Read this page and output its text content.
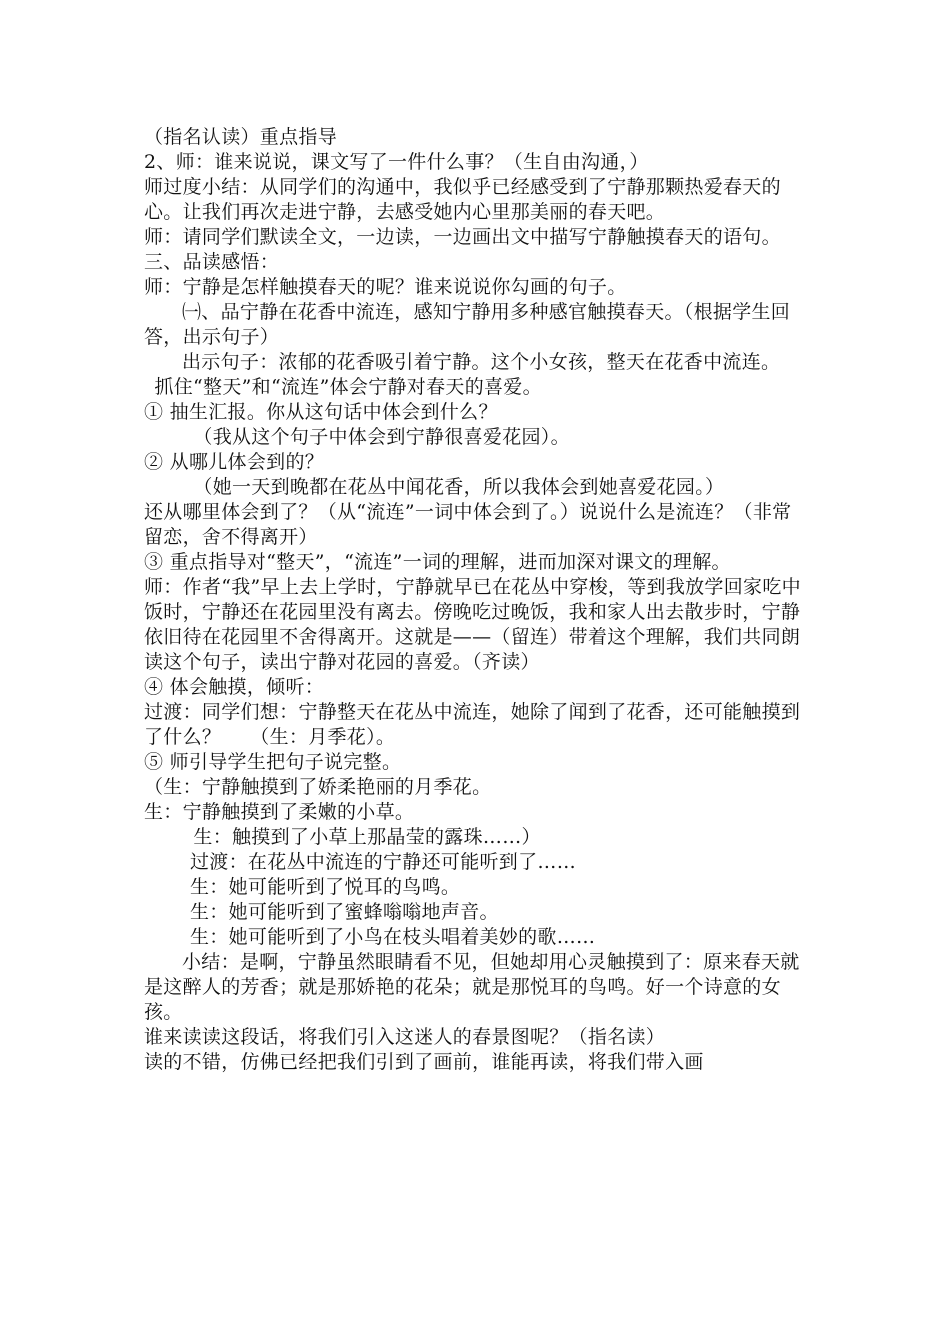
（指名认读）重点指导

2、师：谁来说说，课文写了一件什么事？（生自由沟通，）

师过度小结：从同学们的沟通中，我似乎已经感受到了宁静那颗热爱春天的心。让我们再次走进宁静，去感受她内心里那美丽的春天吧。

师：请同学们默读全文，一边读，一边画出文中描写宁静触摸春天的语句。

三、品读感悟：

师：宁静是怎样触摸春天的呢？谁来说说你勾画的句子。

㈠、品宁静在花香中流连，感知宁静用多种感官触摸春天。（根据学生回答，出示句子）

出示句子：浓郁的花香吸引着宁静。这个小女孩，整天在花香中流连。

抓住“整天”和“流连”体会宁静对春天的喜爱。

① 抽生汇报。你从这句话中体会到什么？

（我从这个句子中体会到宁静很喜爱花园）。

② 从哪儿体会到的？

（她一天到晚都在花丛中闻花香，所以我体会到她喜爱花园。）

还从哪里体会到了？（从“流连”一词中体会到了。）说说什么是流连？（非常留恋，舍不得离开）

③ 重点指导对“整天”，“流连”一词的理解，进而加深对课文的理解。

师：作者“我”早上去上学时，宁静就早已在花丛中穿梭，等到我放学回家吃中饭时，宁静还在花园里没有离去。傍晚吃过晚饭，我和家人出去散步时，宁静依旧待在花园里不舍得离开。这就是——（留连）带着这个理解，我们共同朗读这个句子，读出宁静对花园的喜爱。（齐读）

④ 体会触摸，倾听：

过渡：同学们想：宁静整天在花丛中流连，她除了闻到了花香，还可能触摸到了什么？　　（生：月季花）。

⑤ 师引导学生把句子说完整。

（生：宁静触摸到了娇柔艳丽的月季花。

生：宁静触摸到了柔嫩的小草。

生：触摸到了小草上那晶莹的露珠……）

过渡：在花丛中流连的宁静还可能听到了……

生：她可能听到了悦耳的鸟鸣。

生：她可能听到了蜜蜂嗡嗡地声音。

生：她可能听到了小鸟在枝头唱着美妙的歌……

小结：是啊，宁静虽然眼睛看不见，但她却用心灵触摸到了：原来春天就是这醉人的芳香；就是那娇艳的花朵；就是那悦耳的鸟鸣。好一个诗意的女孩。

谁来读读这段话，将我们引入这迷人的春景图呢？（指名读）

读的不错，仿佛已经把我们引到了画前，谁能再读，将我们带入画
